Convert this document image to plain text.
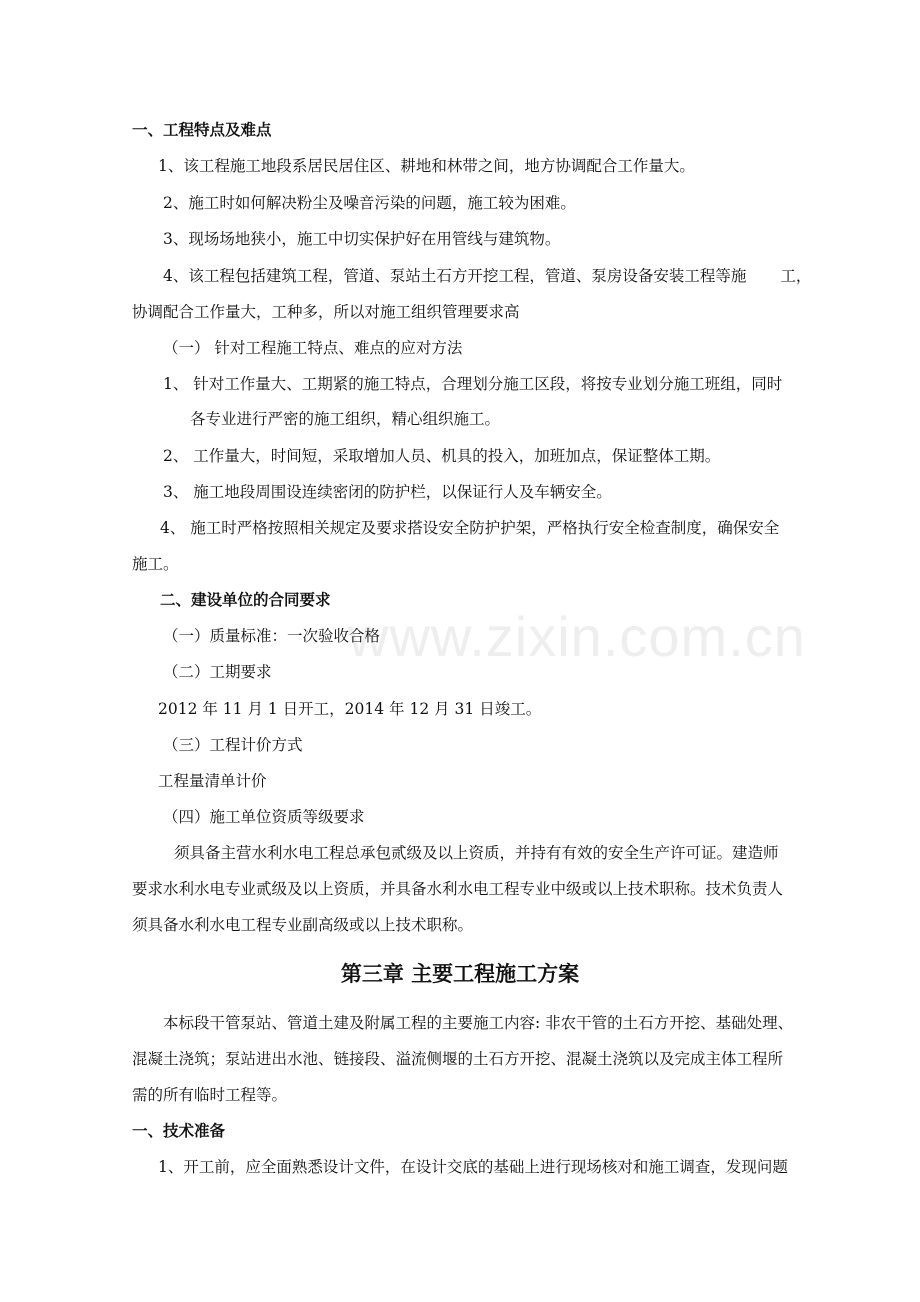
www.zixin.com.cn
一、工程特点及难点
1、该工程施工地段系居民居住区、耕地和林带之间，地方协调配合工作量大。
2、施工时如何解决粉尘及噪音污染的问题，施工较为困难。
3、现场场地狭小，施工中切实保护好在用管线与建筑物。
4、该工程包括建筑工程，管道、泵站土石方开挖工程，管道、泵房设备安装工程等施 工，
协调配合工作量大，工种多，所以对施工组织管理要求高
（一） 针对工程施工特点、难点的应对方法
1、 针对工作量大、工期紧的施工特点，合理划分施工区段，将按专业划分施工班组，同时
各专业进行严密的施工组织，精心组织施工。
2、 工作量大，时间短，采取增加人员、机具的投入，加班加点，保证整体工期。
3、 施工地段周围设连续密闭的防护栏，以保证行人及车辆安全。
4、 施工时严格按照相关规定及要求搭设安全防护护架，严格执行安全检查制度，确保安全
施工。
二、建设单位的合同要求
（一）质量标准：一次验收合格
（二）工期要求
2012 年 11 月 1 日开工，2014 年 12 月 31 日竣工。
（三）工程计价方式
工程量清单计价
（四）施工单位资质等级要求
须具备主营水利水电工程总承包贰级及以上资质，并持有有效的安全生产许可证。建造师
要求水利水电专业贰级及以上资质，并具备水利水电工程专业中级或以上技术职称。技术负责人
须具备水利水电工程专业副高级或以上技术职称。
第三章 主要工程施工方案
本标段干管泵站、管道土建及附属工程的主要施工内容: 非农干管的土石方开挖、基础处理、
混凝土浇筑；泵站进出水池、链接段、溢流侧堰的土石方开挖、混凝土浇筑以及完成主体工程所
需的所有临时工程等。
一、技术准备
1、开工前，应全面熟悉设计文件，在设计交底的基础上进行现场核对和施工调查，发现问题
